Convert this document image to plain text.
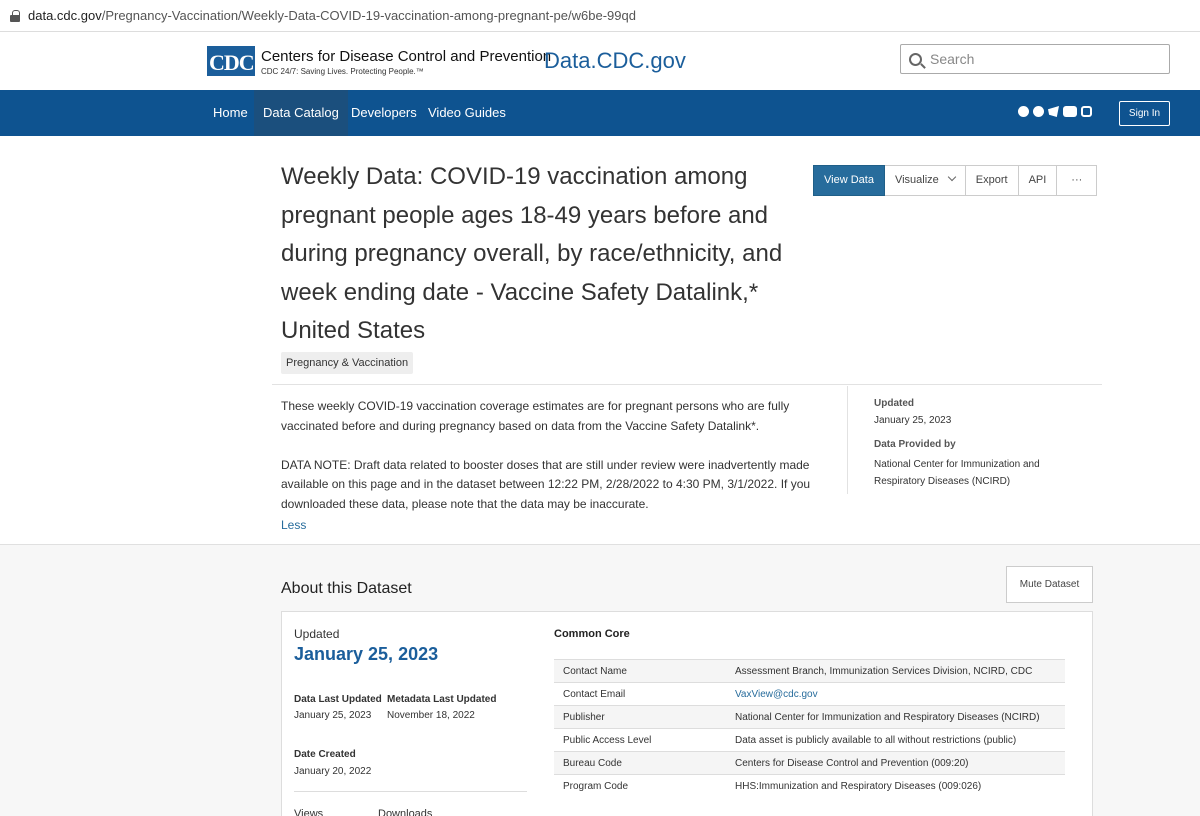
data.cdc.gov /Pregnancy-Vaccination/Weekly-Data-COVID-19-vaccination-among-pregnant-pe/w6be-99qd
CDC Centers for Disease Control and Prevention
CDC 24/7: Saving Lives. Protecting People.™	Data.CDC.gov
Search
Home	Data Catalog Developers Video Guides	Sign In
Weekly Data: COVID-19 vaccination among pregnant people ages 18-49 years before and during pregnancy overall, by race/ethnicity, and week ending date - Vaccine Safety Datalink,* United States
Pregnancy & Vaccination
View Data	Visualize	Export	API	···

These weekly COVID-19 vaccination coverage estimates are for pregnant persons who are fully vaccinated before and during pregnancy based on data from the Vaccine Safety Datalink*.

DATA NOTE: Draft data related to booster doses that are still under review were inadvertently made available on this page and in the dataset between 12:22 PM, 2/28/2022 to 4:30 PM, 3/1/2022. If you downloaded these data, please note that the data may be inaccurate.

Less
Updated
January 25, 2023
Data Provided by
National Center for Immunization and Respiratory Diseases (NCIRD)
About this Dataset	Mute Dataset
Updated
January 25, 2023
Data Last Updated
January 25, 2023
Metadata Last Updated
November 18, 2022
Date Created
January 20, 2022
Views	Downloads
Common Core
Contact Name	Assessment Branch, Immunization Services Division, NCIRD, CDC
Contact Email	VaxView@cdc.gov
Publisher	National Center for Immunization and Respiratory Diseases (NCIRD)
Public Access Level	Data asset is publicly available to all without restrictions (public)
Bureau Code	Centers for Disease Control and Prevention (009:20)
Program Code	HHS:Immunization and Respiratory Diseases (009:026)
